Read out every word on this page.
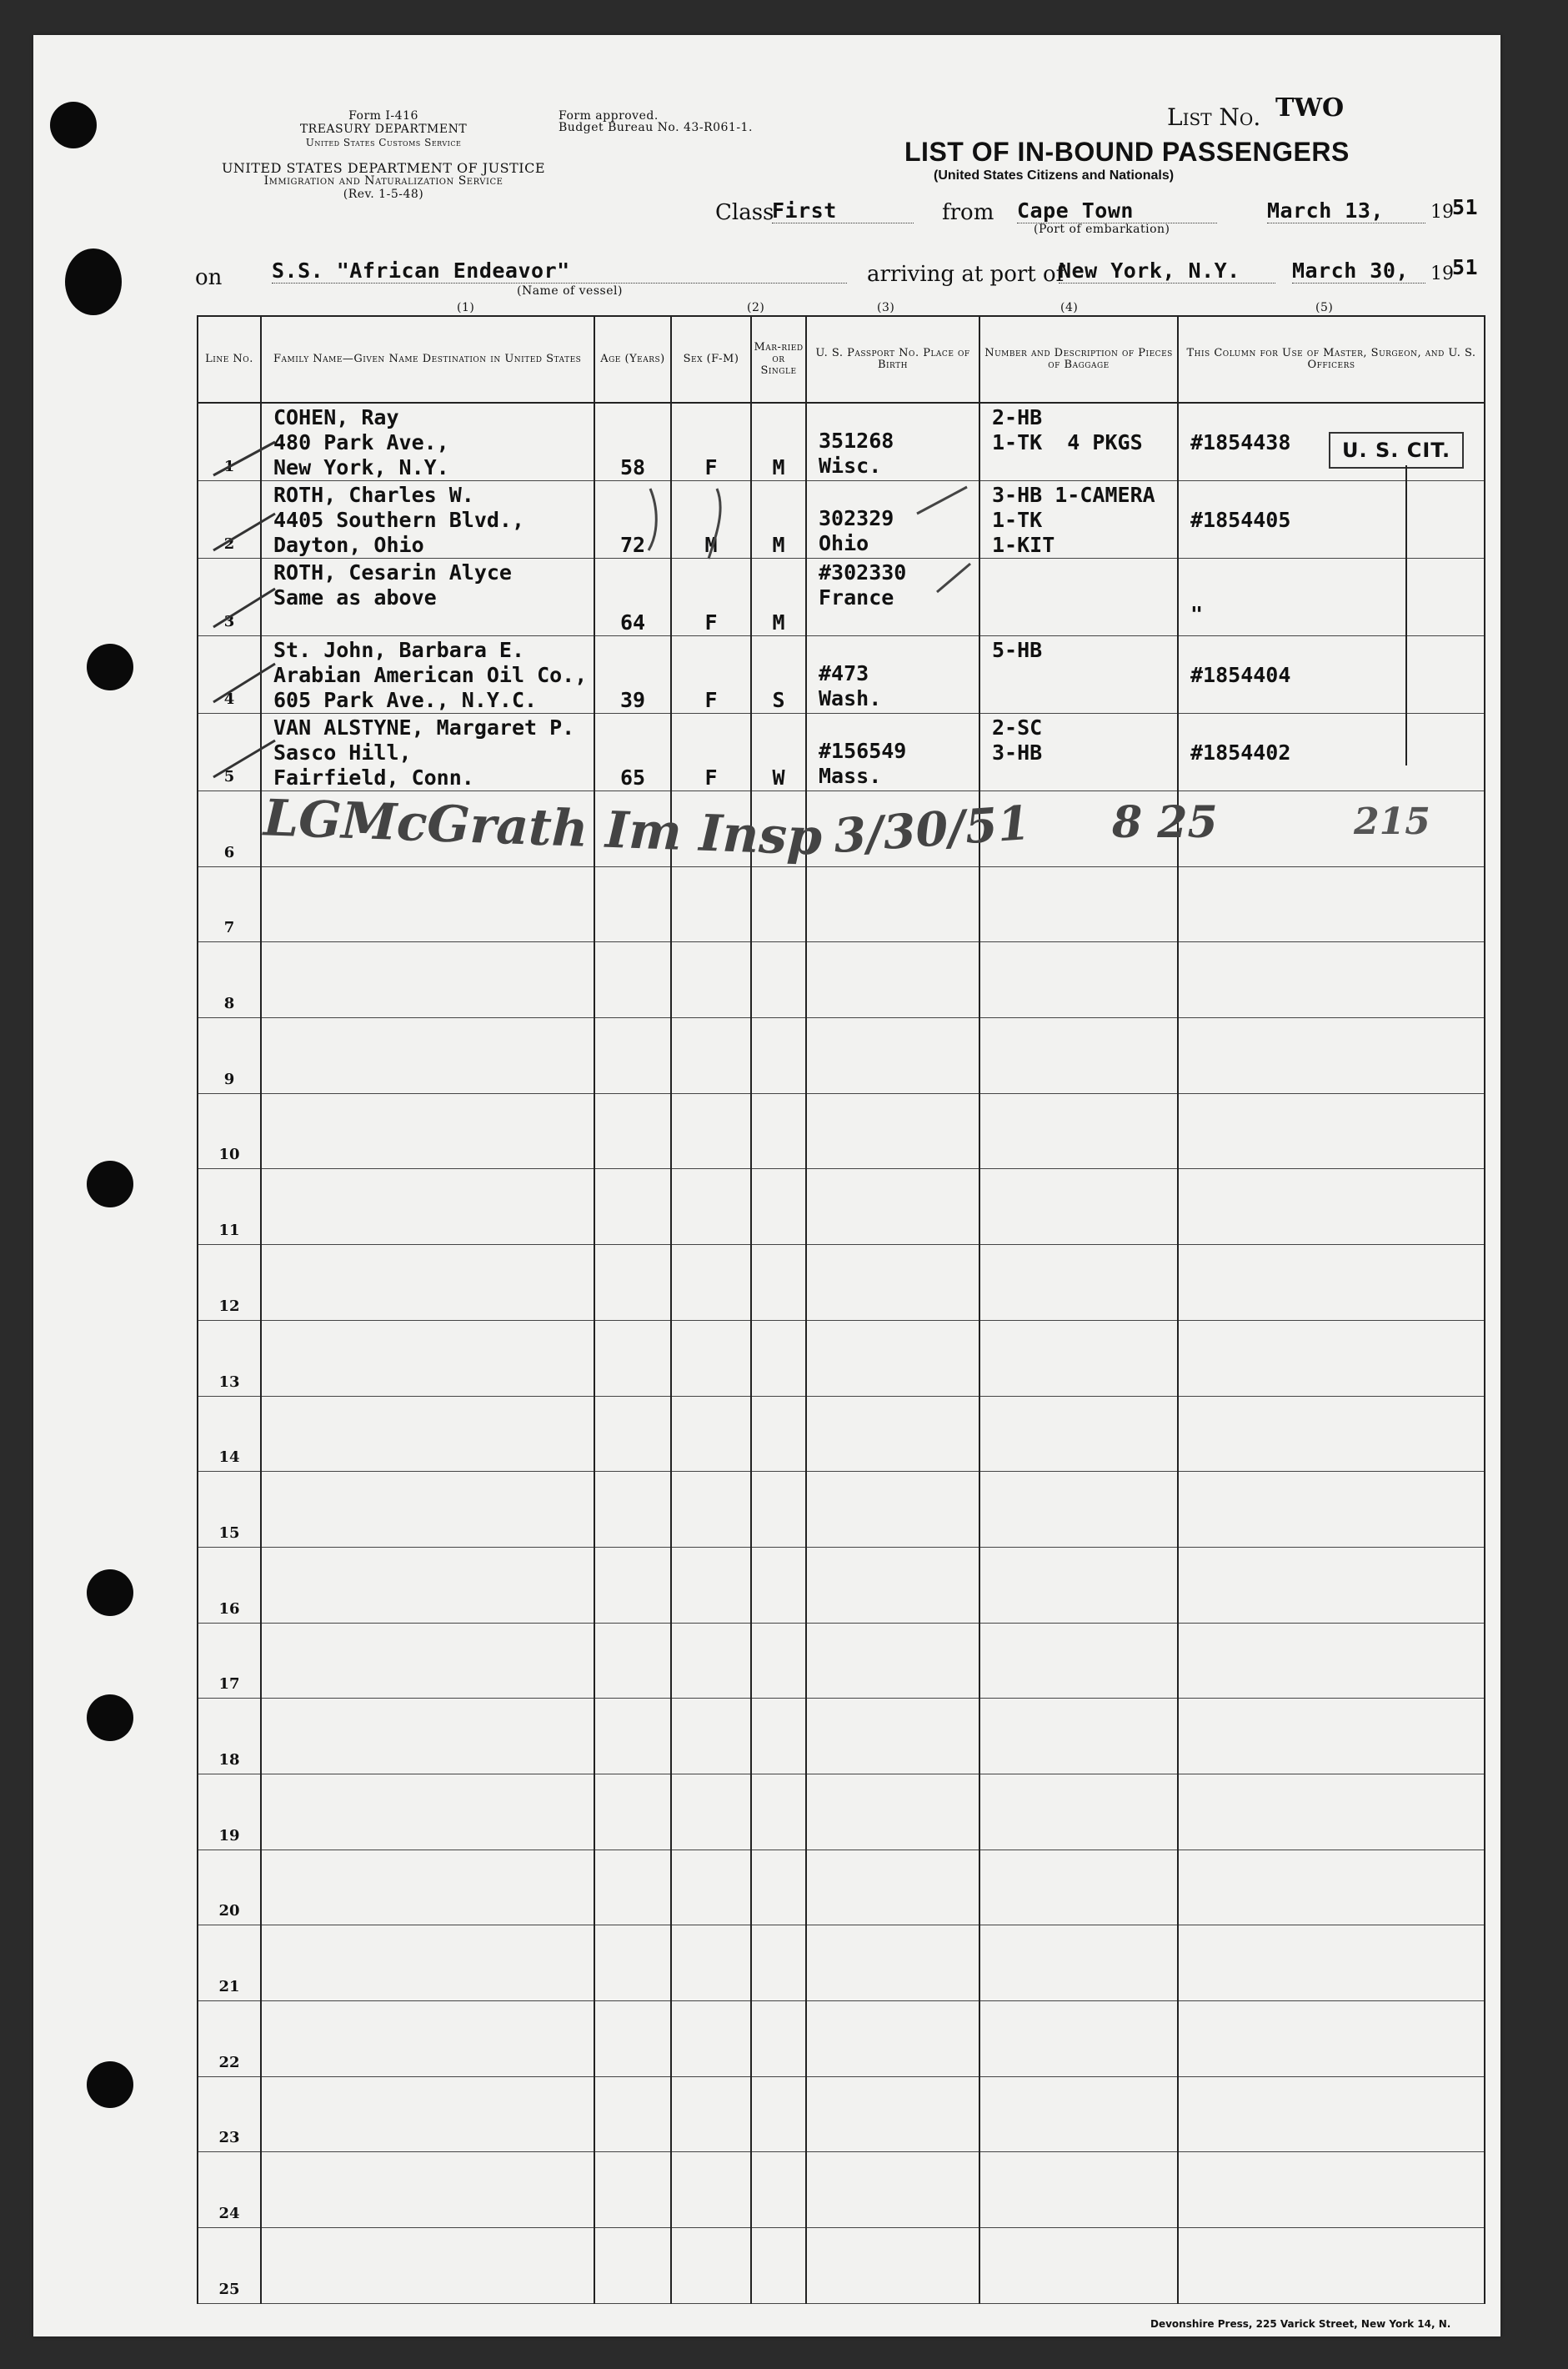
Form I-416
TREASURY DEPARTMENT
United States Customs Service
UNITED STATES DEPARTMENT OF JUSTICE
Immigration and Naturalization Service
(Rev. 1-5-48)
Form approved.
Budget Bureau No. 43-R061-1.	List No. TWO
LIST OF IN-BOUND PASSENGERS
(United States Citizens and Nationals)
Class
First	from Cape Town
(Port of embarkation)
March 13,	19
51
on S.S. "African Endeavor"
(Name of vessel)
arriving at port of
New York, N.Y.	March 30,	19
51
(1)	(2)	(3)	(4)	(5)
Line No.	Family Name—Given Name Destination in United States	Age (Years)	Sex (F-M)	Mar-ried or Single	U. S. Passport No. Place of Birth	Number and Description of Pieces of Baggage	This Column for Use of Master, Surgeon, and U. S. Officers

1	COHEN, Ray
480 Park Ave.,
New York, N.Y.	58	F	M	351268
Wisc.	2-HB
1-TK  4 PKGS	#1854438

2	ROTH, Charles W.
4405 Southern Blvd.,
Dayton, Ohio	72	M	M	302329
Ohio	3-HB 1-CAMERA
1-TK
1-KIT	#1854405

3	ROTH, Cesarin Alyce
Same as above	64	F	M	#302330
France		"

4	St. John, Barbara E.
Arabian American Oil Co.,
605 Park Ave., N.Y.C.	39	F	S	#473
Wash.	5-HB	#1854404

5	VAN ALSTYNE, Margaret P.
Sasco Hill,
Fairfield, Conn.	65	F	W	#156549
Mass.	2-SC
3-HB	#1854402

6							

7							

8							

9							

10							

11							

12							

13							

14							

15							

16							

17							

18							

19							

20							

21							

22							

23							

24							

25							

U. S. CIT.
LGMcGrath Im Insp 3/30/51 8 25	215
Devonshire Press, 225 Varick Street, New York 14, N.
